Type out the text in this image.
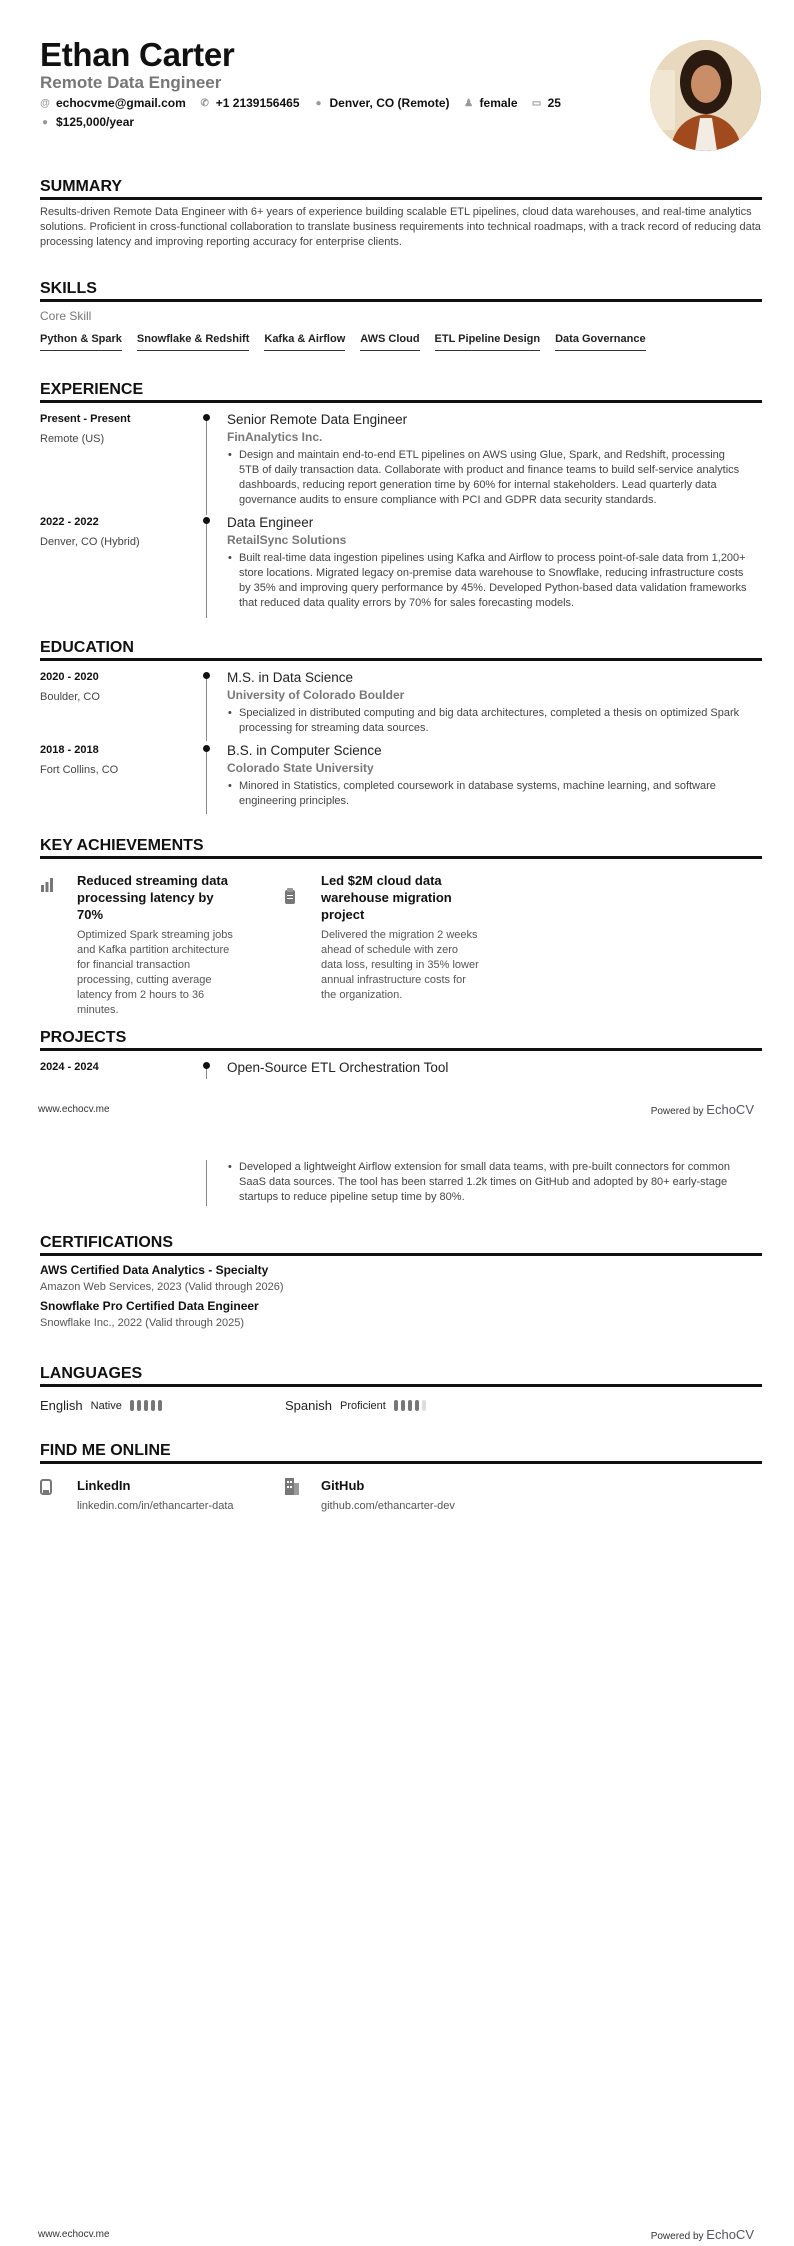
Ethan Carter
Remote Data Engineer
@ echocvme@gmail.com ✆ +1 2139156465 ● Denver, CO (Remote) ♟ female ▭ 25
● $125,000/year
SUMMARY
Results-driven Remote Data Engineer with 6+ years of experience building scalable ETL pipelines, cloud data warehouses, and real-time analytics solutions. Proficient in cross-functional collaboration to translate business requirements into technical roadmaps, with a track record of reducing data processing latency and improving reporting accuracy for enterprise clients.
SKILLS
Core Skill
Python & Spark Snowflake & Redshift Kafka & Airflow AWS Cloud ETL Pipeline Design Data Governance
EXPERIENCE
Present - Present
Remote (US)
Senior Remote Data Engineer
FinAnalytics Inc.
• Design and maintain end-to-end ETL pipelines on AWS using Glue, Spark, and Redshift, processing 5TB of daily transaction data. Collaborate with product and finance teams to build self-service analytics dashboards, reducing report generation time by 60% for internal stakeholders. Lead quarterly data governance audits to ensure compliance with PCI and GDPR data security standards.
2022 - 2022
Denver, CO (Hybrid)
Data Engineer
RetailSync Solutions
• Built real-time data ingestion pipelines using Kafka and Airflow to process point-of-sale data from 1,200+ store locations. Migrated legacy on-premise data warehouse to Snowflake, reducing infrastructure costs by 35% and improving query performance by 45%. Developed Python-based data validation frameworks that reduced data quality errors by 70% for sales forecasting models.
EDUCATION
2020 - 2020
Boulder, CO
M.S. in Data Science
University of Colorado Boulder
• Specialized in distributed computing and big data architectures, completed a thesis on optimized Spark processing for streaming data sources.
2018 - 2018
Fort Collins, CO
B.S. in Computer Science
Colorado State University
• Minored in Statistics, completed coursework in database systems, machine learning, and software engineering principles.
KEY ACHIEVEMENTS
Reduced streaming data processing latency by 70%
Optimized Spark streaming jobs and Kafka partition architecture for financial transaction processing, cutting average latency from 2 hours to 36 minutes.
Led $2M cloud data warehouse migration project
Delivered the migration 2 weeks ahead of schedule with zero data loss, resulting in 35% lower annual infrastructure costs for the organization.
PROJECTS
2024 - 2024	Open-Source ETL Orchestration Tool
www.echocv.me	Powered by EchoCV
• Developed a lightweight Airflow extension for small data teams, with pre-built connectors for common SaaS data sources. The tool has been starred 1.2k times on GitHub and adopted by 80+ early-stage startups to reduce pipeline setup time by 80%.
CERTIFICATIONS
AWS Certified Data Analytics - Specialty
Amazon Web Services, 2023 (Valid through 2026)
Snowflake Pro Certified Data Engineer
Snowflake Inc., 2022 (Valid through 2025)
LANGUAGES
English Native	Spanish Proficient
FIND ME ONLINE
LinkedIn
linkedin.com/in/ethancarter-data
GitHub
github.com/ethancarter-dev
www.echocv.me	Powered by EchoCV
